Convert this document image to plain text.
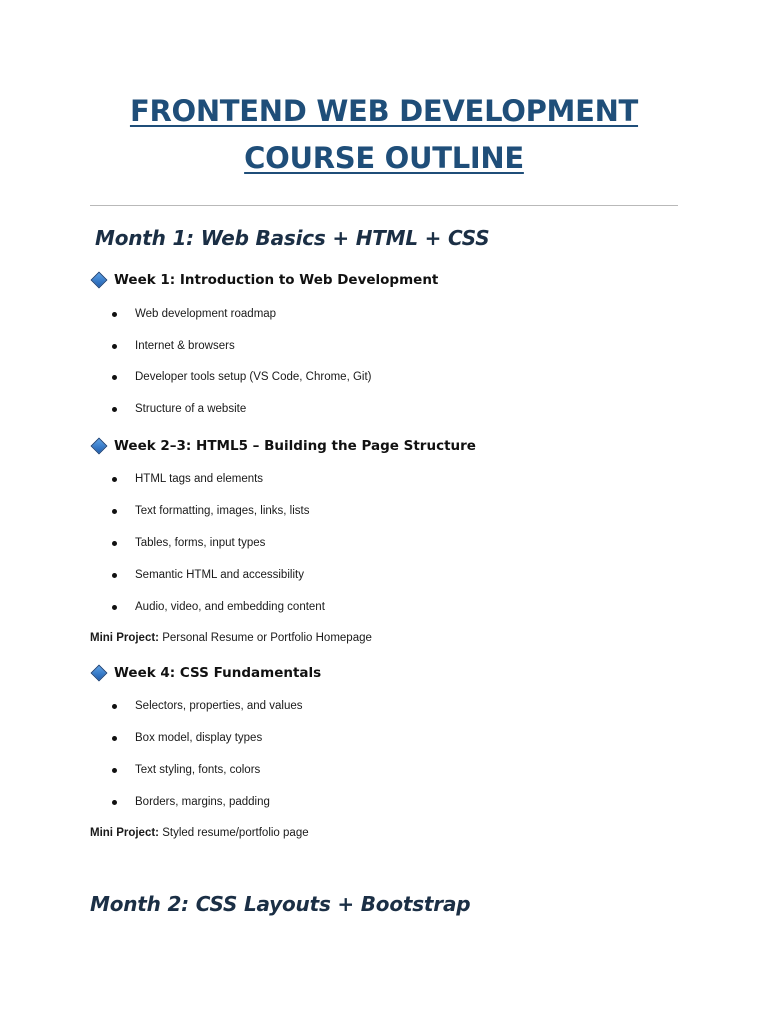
FRONTEND WEB DEVELOPMENT
COURSE OUTLINE
Month 1: Web Basics + HTML + CSS
Week 1: Introduction to Web Development
Web development roadmap
Internet & browsers
Developer tools setup (VS Code, Chrome, Git)
Structure of a website
Week 2–3: HTML5 – Building the Page Structure
HTML tags and elements
Text formatting, images, links, lists
Tables, forms, input types
Semantic HTML and accessibility
Audio, video, and embedding content
Mini Project: Personal Resume or Portfolio Homepage
Week 4: CSS Fundamentals
Selectors, properties, and values
Box model, display types
Text styling, fonts, colors
Borders, margins, padding
Mini Project: Styled resume/portfolio page
Month 2: CSS Layouts + Bootstrap
